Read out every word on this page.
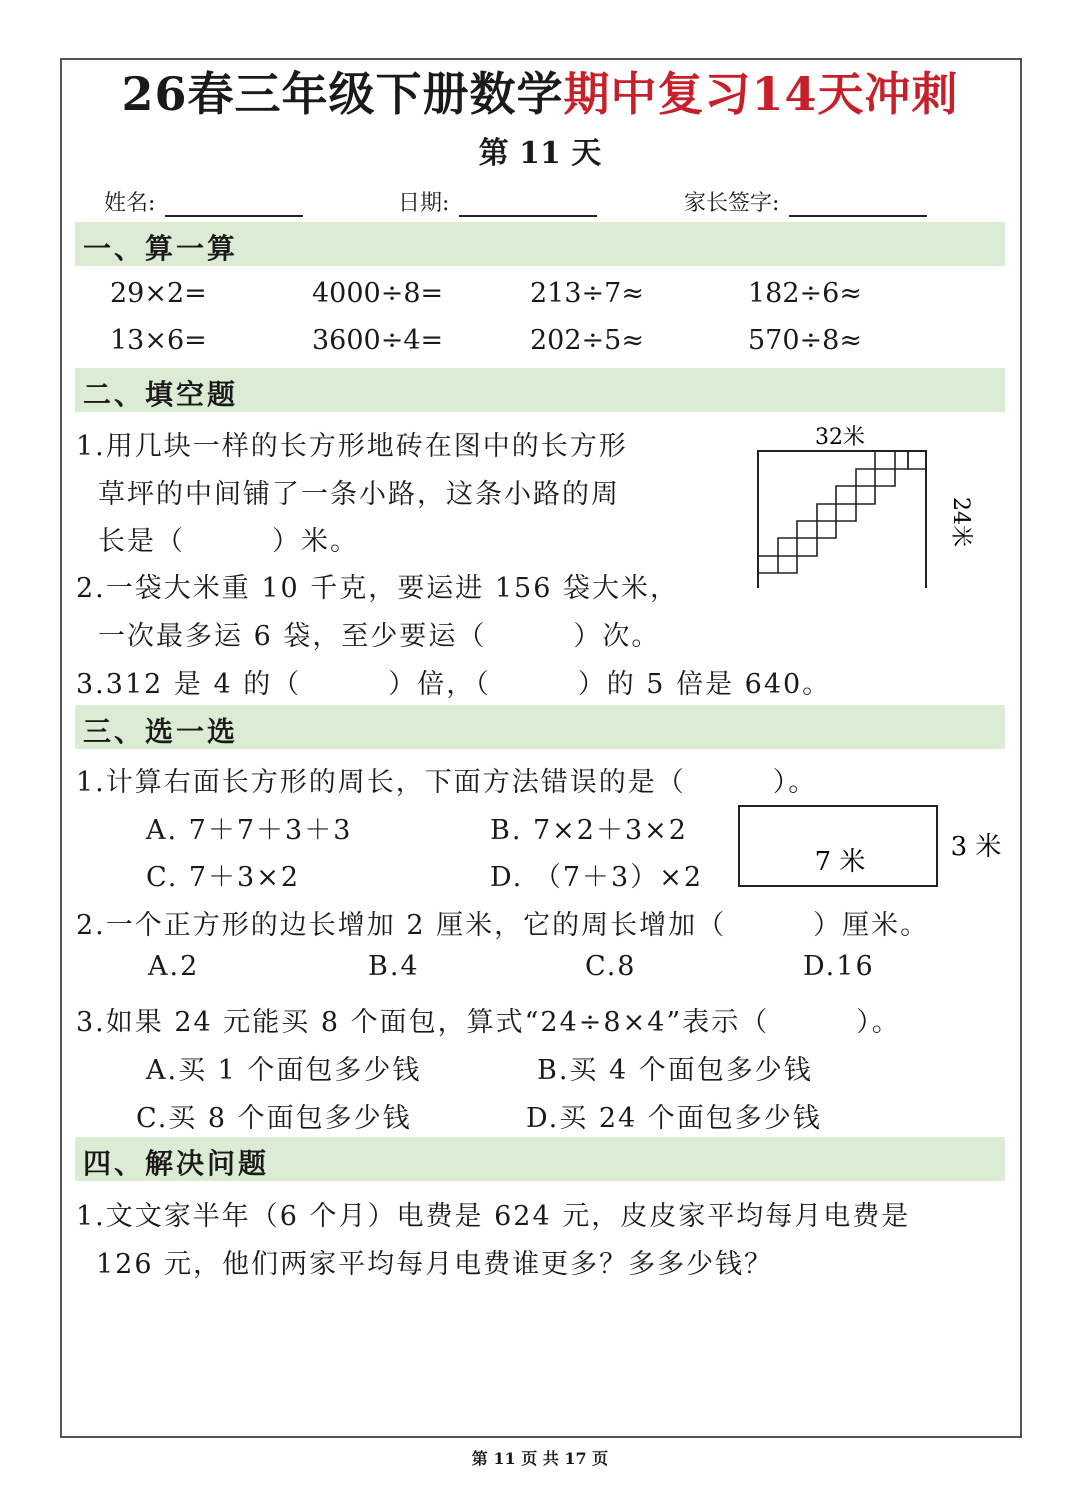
26春三年级下册数学期中复习14天冲刺
第 11 天
姓名:	日期:	家长签字:
一、算一算
29×2=	4000÷8=	213÷7≈	182÷6≈
13×6=	3600÷4=	202÷5≈	570÷8≈
二、填空题
1.用几块一样的长方形地砖在图中的长方形
草坪的中间铺了一条小路，这条小路的周
长是（　　　）米。
32米
24米
2.一袋大米重 10 千克，要运进 156 袋大米，
一次最多运 6 袋，至少要运（　　　）次。
3.312 是 4 的（　　　）倍，（　　　）的 5 倍是 640。
三、选一选
1.计算右面长方形的周长，下面方法错误的是（　　　）。
A. 7＋7＋3＋3	B. 7×2＋3×2
C. 7＋3×2	D. （7＋3）×2	7 米	3 米
2.一个正方形的边长增加 2 厘米，它的周长增加（　　　）厘米。
A.2	B.4	C.8	D.16
3.如果 24 元能买 8 个面包，算式“24÷8×4”表示（　　　）。
A.买 1 个面包多少钱	B.买 4 个面包多少钱
C.买 8 个面包多少钱	D.买 24 个面包多少钱
四、解决问题
1.文文家半年（6 个月）电费是 624 元，皮皮家平均每月电费是
126 元，他们两家平均每月电费谁更多？多多少钱？
第 11 页 共 17 页
